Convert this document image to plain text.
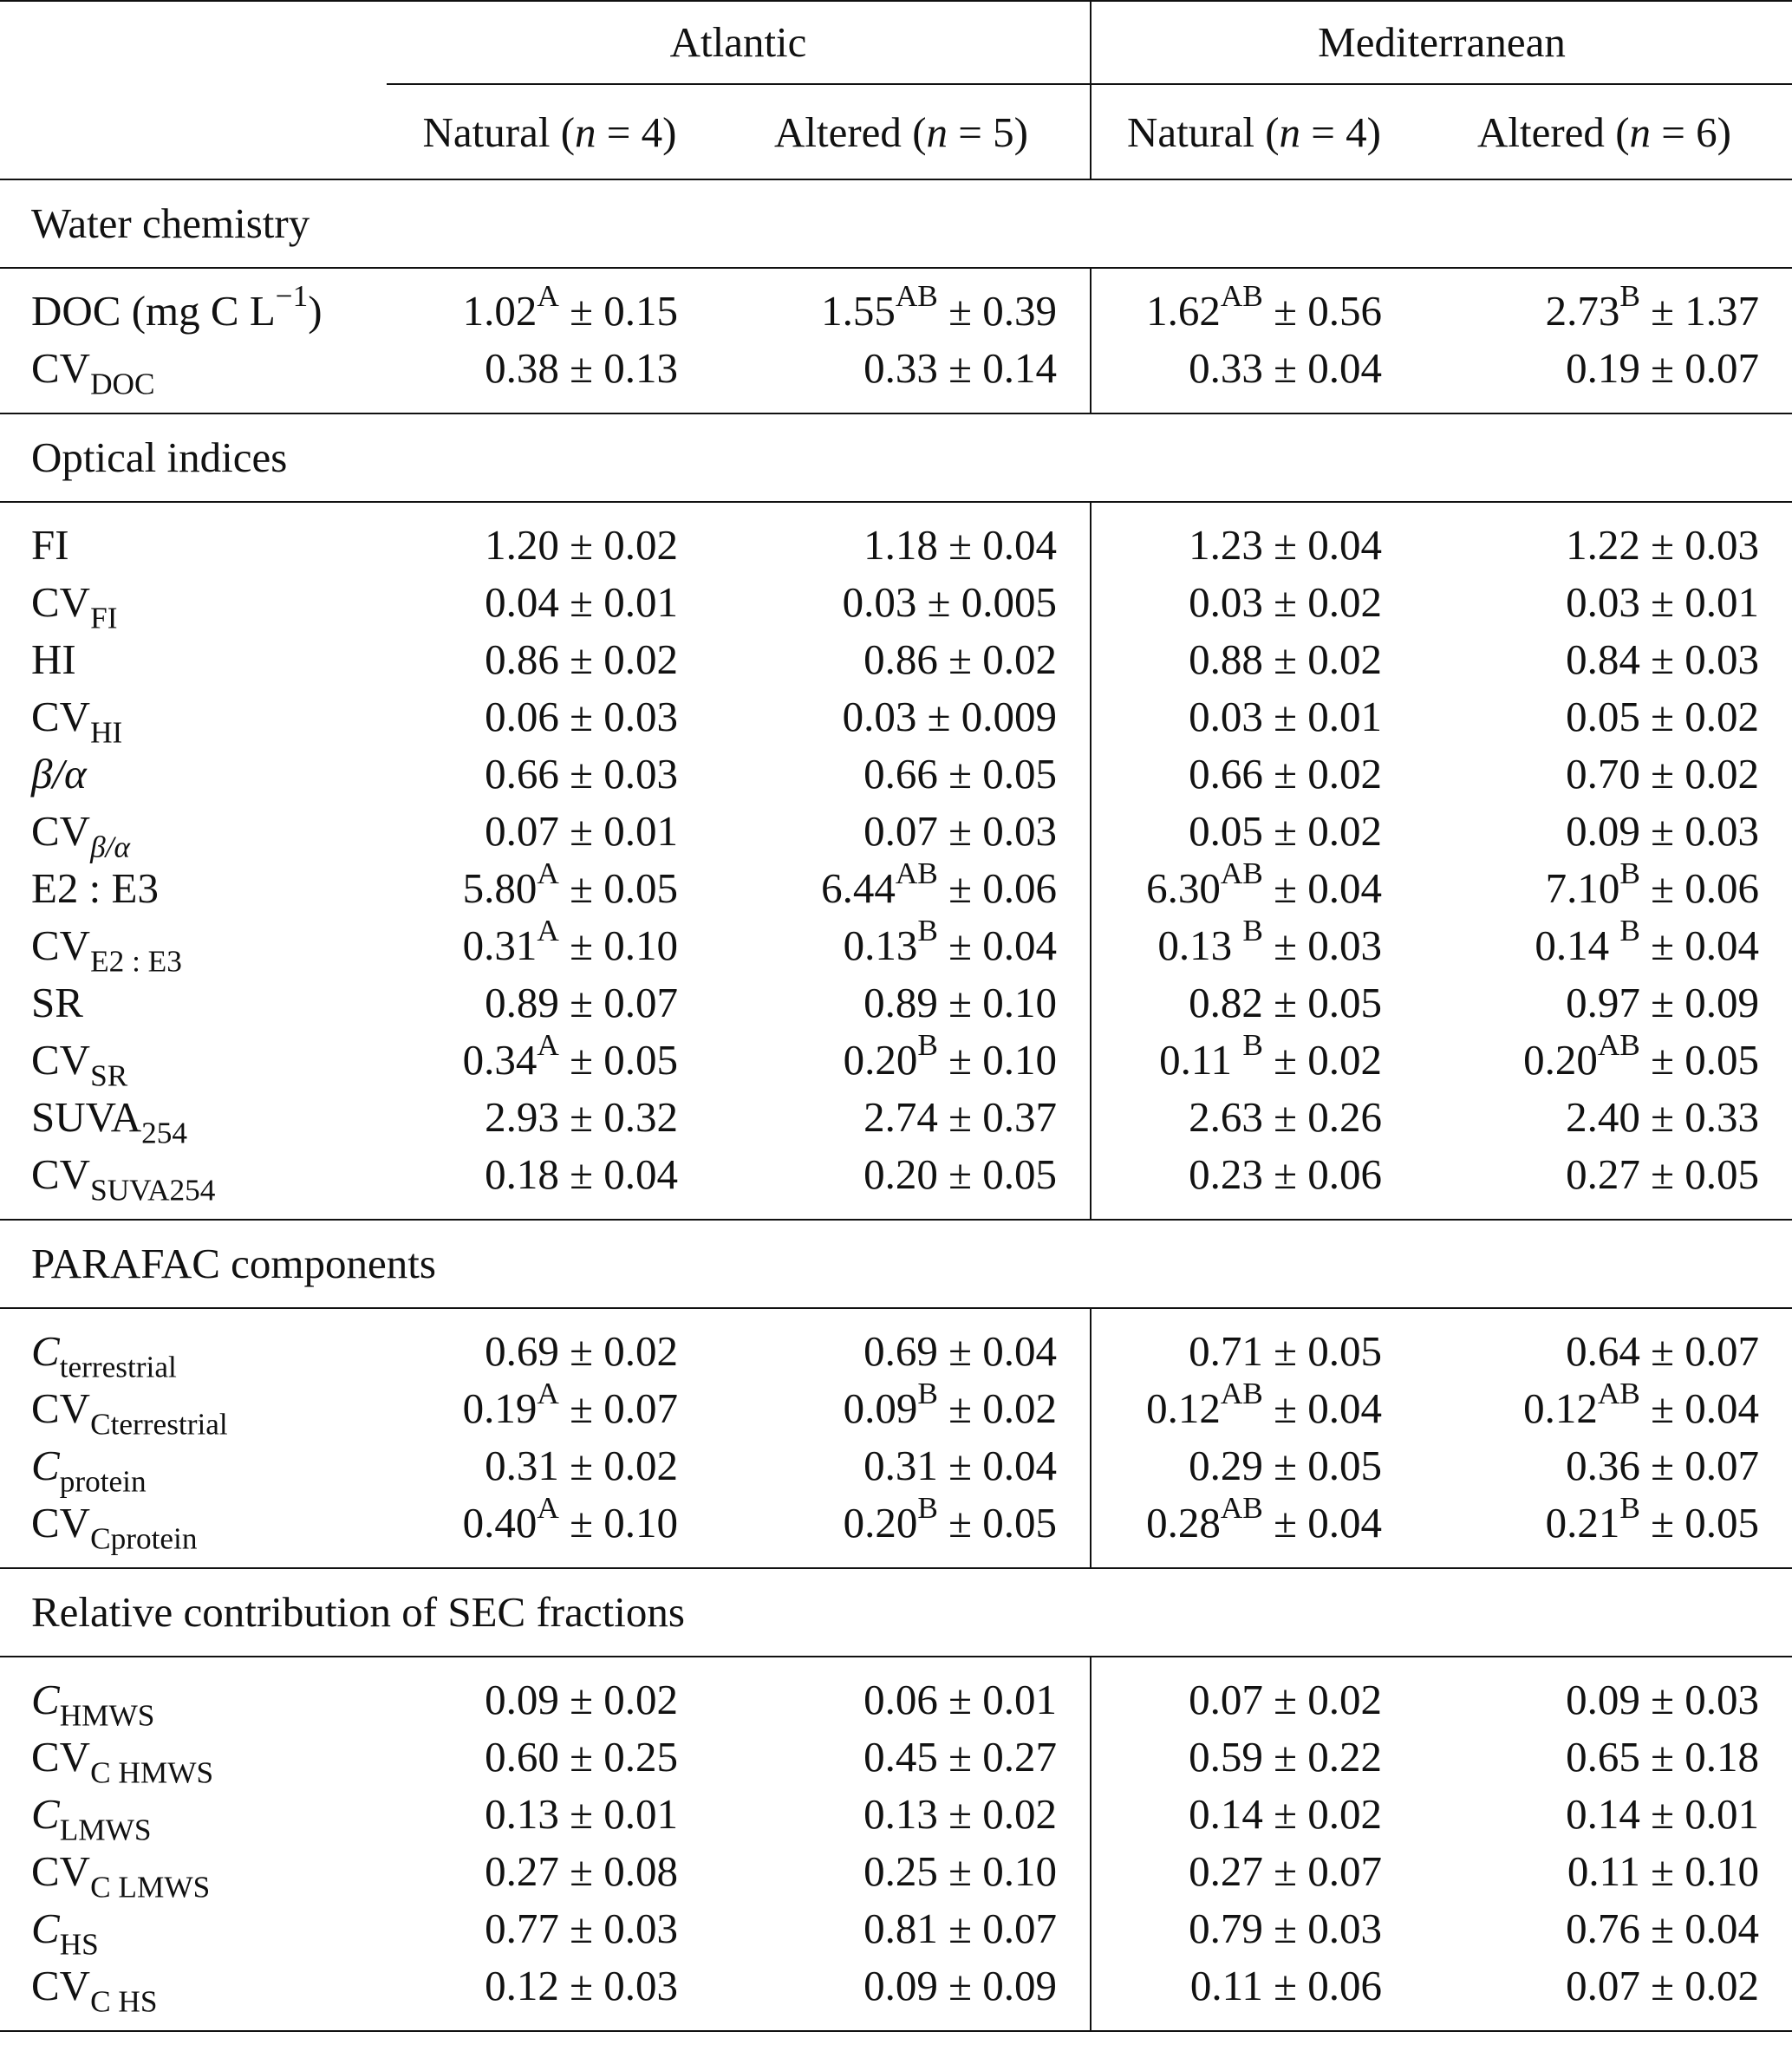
	Atlantic		Mediterranean	
	Natural (n = 4)	Altered (n = 5)	Natural (n = 4)	Altered (n = 6)
Water chemistry				
DOC (mg C $L^{-1}$)	$1.02^A \pm 0.15$	$1.55^{AB} \pm 0.39$	$1.62^{AB} \pm 0.56$	$2.73^B \pm 1.37$
$CV_{DOC}$	0.38 ± 0.13	0.33 ± 0.14	0.33 ± 0.04	0.19 ± 0.07
Optical indices				
FI	1.20 ± 0.02	1.18 ± 0.04	1.23 ± 0.04	1.22 ± 0.03
$CV_{FI}$	0.04 ± 0.01	0.03 ± 0.005	0.03 ± 0.02	0.03 ± 0.01
HI	0.86 ± 0.02	0.86 ± 0.02	0.88 ± 0.02	0.84 ± 0.03
$CV_{HI}$	0.06 ± 0.03	0.03 ± 0.009	0.03 ± 0.01	0.05 ± 0.02
β/α	0.66 ± 0.03	0.66 ± 0.05	0.66 ± 0.02	0.70 ± 0.02
$CV_{\beta/\alpha}$	0.07 ± 0.01	0.07 ± 0.03	0.05 ± 0.02	0.09 ± 0.03
E2 : E3	$5.80^A \pm 0.05$	$6.44^{AB} \pm 0.06$	$6.30^{AB} \pm 0.04$	$7.10^B \pm 0.06$
$CV_{E2 : E3}$	$0.31^A \pm 0.10$	$0.13^B \pm 0.04$	0.13 $^B$ ± 0.03	0.14 $^B$ ± 0.04
SR	0.89 ± 0.07	0.89 ± 0.10	0.82 ± 0.05	0.97 ± 0.09
$CV_{SR}$	$0.34^A \pm 0.05$	$0.20^B \pm 0.10$	0.11 $^B$ ± 0.02	$0.20^{AB} \pm 0.05$
$SUVA_{254}$	2.93 ± 0.32	2.74 ± 0.37	2.63 ± 0.26	2.40 ± 0.33
$CV_{SUVA254}$	0.18 ± 0.04	0.20 ± 0.05	0.23 ± 0.06	0.27 ± 0.05
PARAFAC components				
$C_{terrestrial}$	0.69 ± 0.02	0.69 ± 0.04	0.71 ± 0.05	0.64 ± 0.07
$CV_{Cterrestrial}$	$0.19^A \pm 0.07$	$0.09^B \pm 0.02$	$0.12^{AB} \pm 0.04$	$0.12^{AB} \pm 0.04$
$C_{protein}$	0.31 ± 0.02	0.31 ± 0.04	0.29 ± 0.05	0.36 ± 0.07
$CV_{Cprotein}$	$0.40^A \pm 0.10$	$0.20^B \pm 0.05$	$0.28^{AB} \pm 0.04$	$0.21^B \pm 0.05$
Relative contribution of SEC fractions				
$C_{HMWS}$	0.09 ± 0.02	0.06 ± 0.01	0.07 ± 0.02	0.09 ± 0.03
$CV_{C HMWS}$	0.60 ± 0.25	0.45 ± 0.27	0.59 ± 0.22	0.65 ± 0.18
$C_{LMWS}$	0.13 ± 0.01	0.13 ± 0.02	0.14 ± 0.02	0.14 ± 0.01
$CV_{C LMWS}$	0.27 ± 0.08	0.25 ± 0.10	0.27 ± 0.07	0.11 ± 0.10
$C_{HS}$	0.77 ± 0.03	0.81 ± 0.07	0.79 ± 0.03	0.76 ± 0.04
$CV_{C HS}$	0.12 ± 0.03	0.09 ± 0.09	0.11 ± 0.06	0.07 ± 0.02
